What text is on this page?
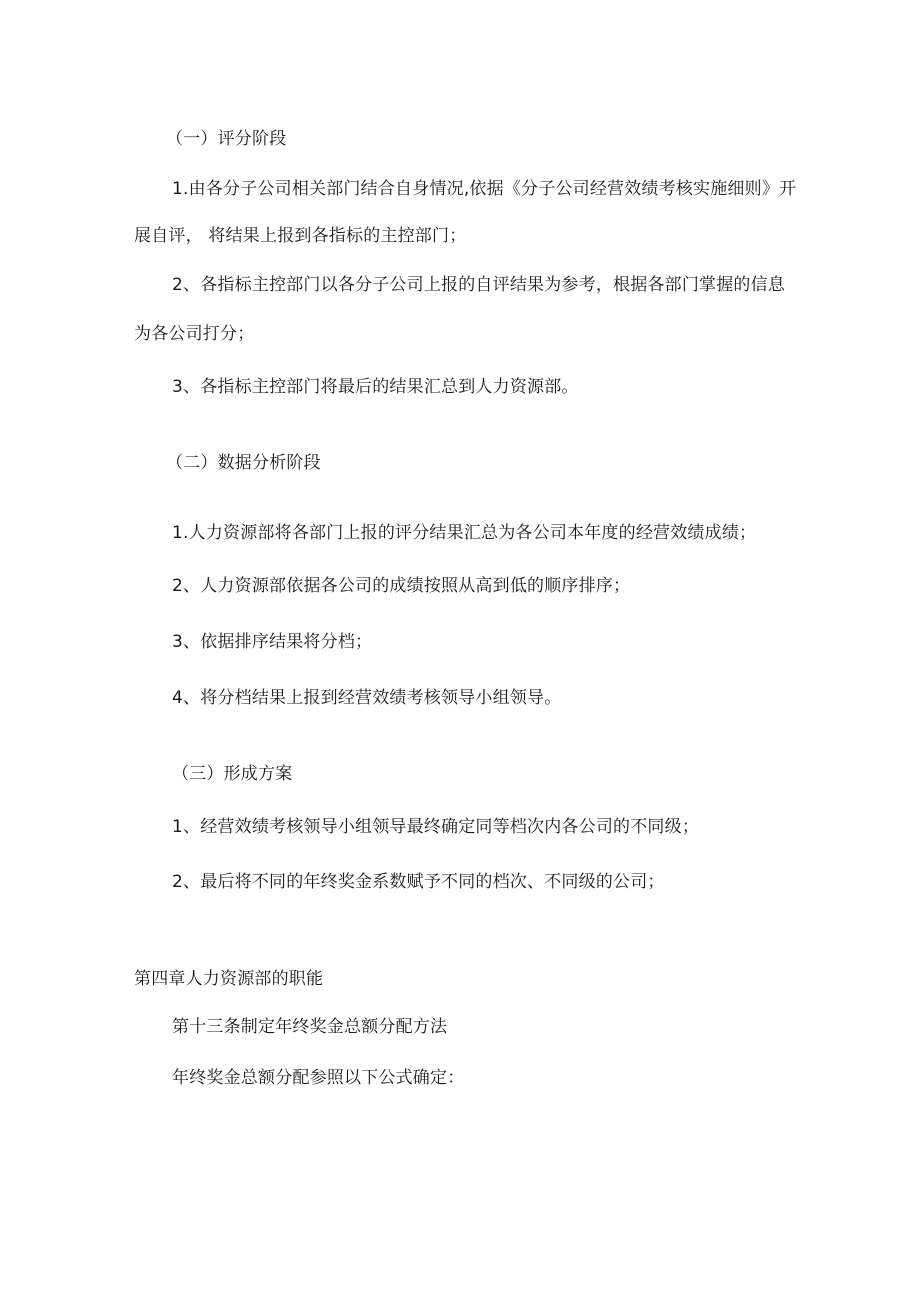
（一）评分阶段
1.由各分子公司相关部门结合自身情况,依据《分子公司经营效绩考核实施细则》开
展自评， 将结果上报到各指标的主控部门；
2、各指标主控部门以各分子公司上报的自评结果为参考，根据各部门掌握的信息
为各公司打分；
3、各指标主控部门将最后的结果汇总到人力资源部。
（二）数据分析阶段
1.人力资源部将各部门上报的评分结果汇总为各公司本年度的经营效绩成绩；
2、人力资源部依据各公司的成绩按照从高到低的顺序排序；
3、依据排序结果将分档；
4、将分档结果上报到经营效绩考核领导小组领导。
（三）形成方案
1、经营效绩考核领导小组领导最终确定同等档次内各公司的不同级；
2、最后将不同的年终奖金系数赋予不同的档次、不同级的公司；
第四章人力资源部的职能
第十三条制定年终奖金总额分配方法
年终奖金总额分配参照以下公式确定：
